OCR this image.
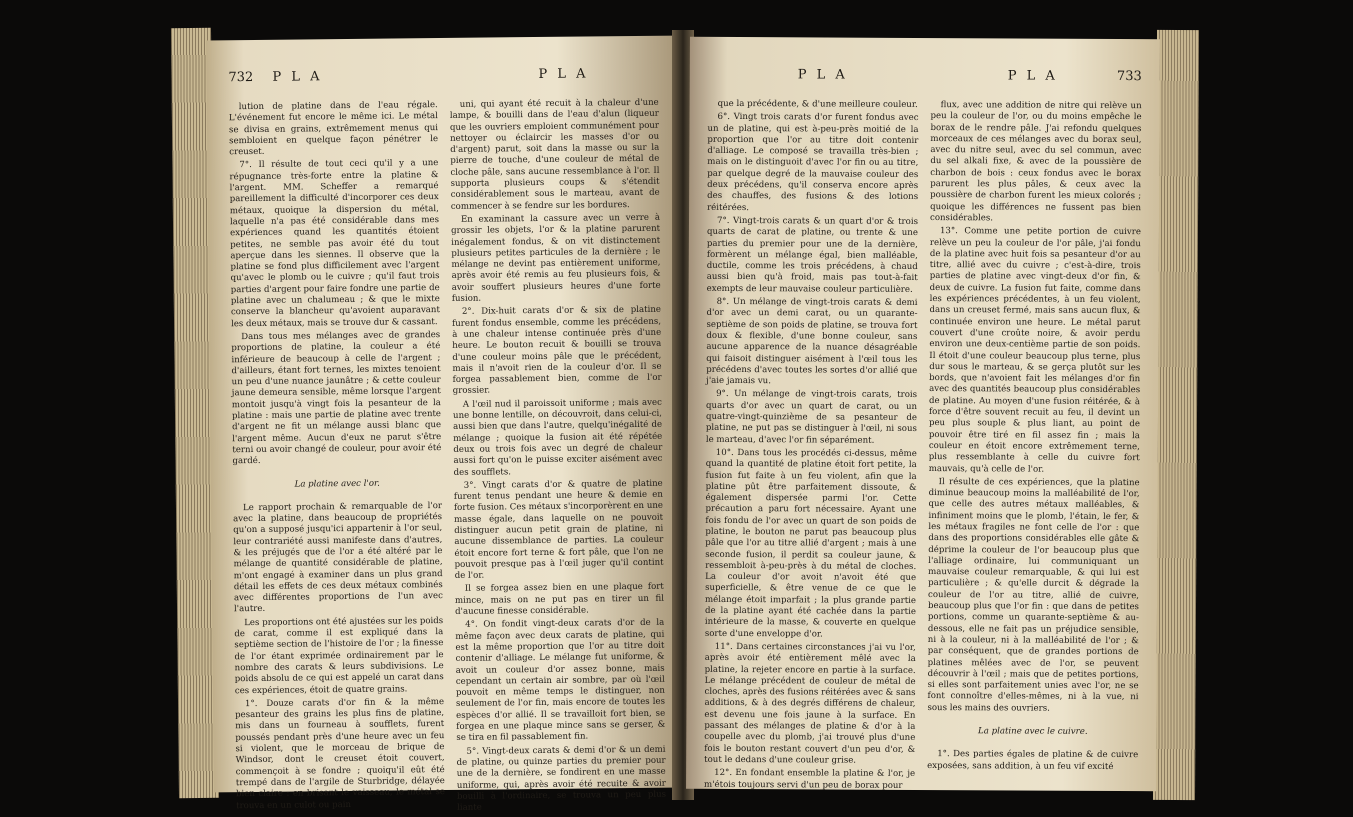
732 P L A	P L A

lution de platine dans de l'eau régale. L'événement fut encore le même ici. Le métal se divisa en grains, extrêmement menus qui sembloient en quelque façon pénétrer le creuset.

7°. Il résulte de tout ceci qu'il y a une répugnance très-forte entre la platine & l'argent. MM. Scheffer a remarqué pareillement la difficulté d'incorporer ces deux métaux, quoique la dispersion du métal, laquelle n'a pas été considérable dans mes expériences quand les quantités étoient petites, ne semble pas avoir été du tout aperçue dans les siennes. Il observe que la platine se fond plus difficilement avec l'argent qu'avec le plomb ou le cuivre ; qu'il faut trois parties d'argent pour faire fondre une partie de platine avec un chalumeau ; & que le mixte conserve la blancheur qu'avoient auparavant les deux métaux, mais se trouve dur & cassant.

Dans tous mes mélanges avec de grandes proportions de platine, la couleur a été inférieure de beaucoup à celle de l'argent ; d'ailleurs, étant fort ternes, les mixtes tenoient un peu d'une nuance jaunâtre ; & cette couleur jaune demeura sensible, même lorsque l'argent montoit jusqu'à vingt fois la pesanteur de la platine : mais une partie de platine avec trente d'argent ne fit un mélange aussi blanc que l'argent même. Aucun d'eux ne parut s'être terni ou avoir changé de couleur, pour avoir été gardé.

La platine avec l'or.

Le rapport prochain & remarquable de l'or avec la platine, dans beaucoup de propriétés qu'on a supposé jusqu'ici appartenir à l'or seul, leur contrariété aussi manifeste dans d'autres, & les préjugés que de l'or a été altéré par le mélange de quantité considérable de platine, m'ont engagé à examiner dans un plus grand détail les effets de ces deux métaux combinés avec différentes proportions de l'un avec l'autre.

Les proportions ont été ajustées sur les poids de carat, comme il est expliqué dans la septième section de l'histoire de l'or ; la finesse de l'or étant exprimée ordinairement par le nombre des carats & leurs subdivisions. Le poids absolu de ce qui est appelé un carat dans ces expériences, étoit de quatre grains.

1°. Douze carats d'or fin & la même pesanteur des grains les plus fins de platine, mis dans un fourneau à soufflets, furent poussés pendant près d'une heure avec un feu si violent, que le morceau de brique de Windsor, dont le creuset étoit couvert, commençoit à se fondre ; quoiqu'il eût été trempé dans de l'argile de Sturbridge, délayée bien claire : en brisant le vaisseau, le métal se trouva en un culot ou pain

uni, qui ayant été recuit à la chaleur d'une lampe, & bouilli dans de l'eau d'alun (liqueur que les ouvriers emploient communément pour nettoyer ou éclaircir les masses d'or ou d'argent) parut, soit dans la masse ou sur la pierre de touche, d'une couleur de métal de cloche pâle, sans aucune ressemblance à l'or. Il supporta plusieurs coups & s'étendit considérablement sous le marteau, avant de commencer à se fendre sur les bordures.

En examinant la cassure avec un verre à grossir les objets, l'or & la platine parurent inégalement fondus, & on vit distinctement plusieurs petites particules de la dernière ; le mélange ne devint pas entièrement uniforme, après avoir été remis au feu plusieurs fois, & avoir souffert plusieurs heures d'une forte fusion.

2°. Dix-huit carats d'or & six de platine furent fondus ensemble, comme les précédens, à une chaleur intense continuée près d'une heure. Le bouton recuit & bouilli se trouva d'une couleur moins pâle que le précédent, mais il n'avoit rien de la couleur d'or. Il se forgea passablement bien, comme de l'or grossier.

A l'œil nud il paroissoit uniforme ; mais avec une bonne lentille, on découvroit, dans celui-ci, aussi bien que dans l'autre, quelqu'inégalité de mélange ; quoique la fusion ait été répétée deux ou trois fois avec un degré de chaleur aussi fort qu'on le puisse exciter aisément avec des soufflets.

3°. Vingt carats d'or & quatre de platine furent tenus pendant une heure & demie en forte fusion. Ces métaux s'incorporèrent en une masse égale, dans laquelle on ne pouvoit distinguer aucun petit grain de platine, ni aucune dissemblance de parties. La couleur étoit encore fort terne & fort pâle, que l'on ne pouvoit presque pas à l'œil juger qu'il contint de l'or.

Il se forgea assez bien en une plaque fort mince, mais on ne put pas en tirer un fil d'aucune finesse considérable.

4°. On fondit vingt-deux carats d'or de la même façon avec deux carats de platine, qui est la même proportion que l'or au titre doit contenir d'alliage. Le mélange fut uniforme, & avoit un couleur d'or assez bonne, mais cependant un certain air sombre, par où l'œil pouvoit en même temps le distinguer, non seulement de l'or fin, mais encore de toutes les espèces d'or allié. Il se travailloit fort bien, se forgea en une plaque mince sans se gerser, & se tira en fil passablement fin.

5°. Vingt-deux carats & demi d'or & un demi de platine, ou quinze parties du premier pour une de la dernière, se fondirent en une masse uniforme, qui, après avoir été recuite & avoir bouilli à l'ordinaire, se trouva un peu plus liante

P L A	P L A	733

que la précédente, & d'une meilleure couleur.

6°. Vingt trois carats d'or furent fondus avec un de platine, qui est à-peu-près moitié de la proportion que l'or au titre doit contenir d'alliage. Le composé se travailla très-bien ; mais on le distinguoit d'avec l'or fin ou au titre, par quelque degré de la mauvaise couleur des deux précédens, qu'il conserva encore après des chauffes, des fusions & des lotions réitérées.

7°. Vingt-trois carats & un quart d'or & trois quarts de carat de platine, ou trente & une parties du premier pour une de la dernière, formèrent un mélange égal, bien malléable, ductile, comme les trois précédens, à chaud aussi bien qu'à froid, mais pas tout-à-fait exempts de leur mauvaise couleur particulière.

8°. Un mélange de vingt-trois carats & demi d'or avec un demi carat, ou un quarante-septième de son poids de platine, se trouva fort doux & flexible, d'une bonne couleur, sans aucune apparence de la nuance désagréable qui faisoit distinguer aisément à l'œil tous les précédens d'avec toutes les sortes d'or allié que j'aie jamais vu.

9°. Un mélange de vingt-trois carats, trois quarts d'or avec un quart de carat, ou un quatre-vingt-quinzième de sa pesanteur de platine, ne put pas se distinguer à l'œil, ni sous le marteau, d'avec l'or fin séparément.

10°. Dans tous les procédés ci-dessus, même quand la quantité de platine étoit fort petite, la fusion fut faite à un feu violent, afin que la platine pût être parfaitement dissoute, & également dispersée parmi l'or. Cette précaution a paru fort nécessaire. Ayant une fois fondu de l'or avec un quart de son poids de platine, le bouton ne parut pas beaucoup plus pâle que l'or au titre allié d'argent ; mais à une seconde fusion, il perdit sa couleur jaune, & ressembloit à-peu-près à du métal de cloches. La couleur d'or avoit n'avoit été que superficielle, & être venue de ce que le mélange étoit imparfait ; la plus grande partie de la platine ayant été cachée dans la partie intérieure de la masse, & couverte en quelque sorte d'une enveloppe d'or.

11°. Dans certaines circonstances j'ai vu l'or, après avoir été entièrement mêlé avec la platine, la rejeter encore en partie à la surface. Le mélange précédent de couleur de métal de cloches, après des fusions réitérées avec & sans additions, & à des degrés différens de chaleur, est devenu une fois jaune à la surface. En passant des mélanges de platine & d'or à la coupelle avec du plomb, j'ai trouvé plus d'une fois le bouton restant couvert d'un peu d'or, & tout le dedans d'une couleur grise.

12°. En fondant ensemble la platine & l'or, je m'étois toujours servi d'un peu de borax pour

flux, avec une addition de nitre qui relève un peu la couleur de l'or, ou du moins empêche le borax de le rendre pâle. J'ai refondu quelques morceaux de ces mélanges avec du borax seul, avec du nitre seul, avec du sel commun, avec du sel alkali fixe, & avec de la poussière de charbon de bois : ceux fondus avec le borax parurent les plus pâles, & ceux avec la poussière de charbon furent les mieux colorés ; quoique les différences ne fussent pas bien considérables.

13°. Comme une petite portion de cuivre relève un peu la couleur de l'or pâle, j'ai fondu de la platine avec huit fois sa pesanteur d'or au titre, allié avec du cuivre ; c'est-à-dire, trois parties de platine avec vingt-deux d'or fin, & deux de cuivre. La fusion fut faite, comme dans les expériences précédentes, à un feu violent, dans un creuset fermé, mais sans aucun flux, & continuée environ une heure. Le métal parut couvert d'une croûte noire, & avoir perdu environ une deux-centième partie de son poids. Il étoit d'une couleur beaucoup plus terne, plus dur sous le marteau, & se gerça plutôt sur les bords, que n'avoient fait les mélanges d'or fin avec des quantités beaucoup plus considérables de platine. Au moyen d'une fusion réitérée, & à force d'être souvent recuit au feu, il devint un peu plus souple & plus liant, au point de pouvoir être tiré en fil assez fin ; mais la couleur en étoit encore extrêmement terne, plus ressemblante à celle du cuivre fort mauvais, qu'à celle de l'or.

Il résulte de ces expériences, que la platine diminue beaucoup moins la malléabilité de l'or, que celle des autres métaux malléables, & infiniment moins que le plomb, l'étain, le fer, & les métaux fragiles ne font celle de l'or : que dans des proportions considérables elle gâte & déprime la couleur de l'or beaucoup plus que l'alliage ordinaire, lui communiquant un mauvaise couleur remarquable, & qui lui est particulière ; & qu'elle durcit & dégrade la couleur de l'or au titre, allié de cuivre, beaucoup plus que l'or fin : que dans de petites portions, comme un quarante-septième & au-dessous, elle ne fait pas un préjudice sensible, ni à la couleur, ni à la malléabilité de l'or ; & par conséquent, que de grandes portions de platines mêlées avec de l'or, se peuvent découvrir à l'œil ; mais que de petites portions, si elles sont parfaitement unies avec l'or, ne se font connoître d'elles-mêmes, ni à la vue, ni sous les mains des ouvriers.

La platine avec le cuivre.

1°. Des parties égales de platine & de cuivre exposées, sans addition, à un feu vif excité
